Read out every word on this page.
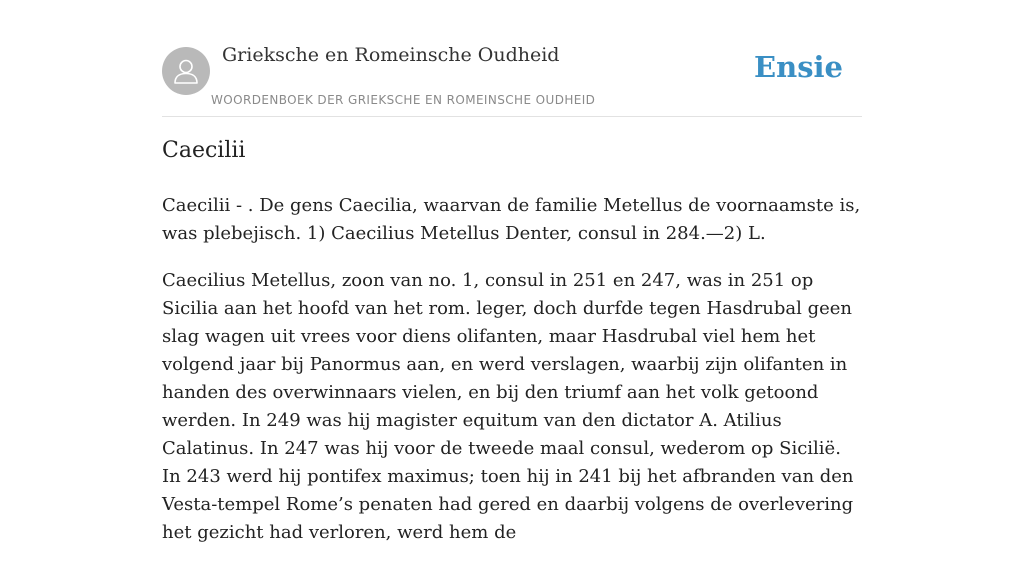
Grieksche en Romeinsche Oudheid
WOORDENBOEK DER GRIEKSCHE EN ROMEINSCHE OUDHEID
Ensie
Caecilii

Caecilii - . De gens Caecilia, waarvan de familie Metellus de voornaamste is, was plebejisch. 1) Caecilius Metellus Denter, consul in 284.—2) L.

Caecilius Metellus, zoon van no. 1, consul in 251 en 247, was in 251 op Sicilia aan het hoofd van het rom. leger, doch durfde tegen Hasdrubal geen slag wagen uit vrees voor diens olifanten, maar Hasdrubal viel hem het volgend jaar bij Panormus aan, en werd verslagen, waarbij zijn olifanten in handen des overwinnaars vielen, en bij den triumf aan het volk getoond werden. In 249 was hij magister equitum van den dictator A. Atilius Calatinus. In 247 was hij voor de tweede maal consul, wederom op Sicilië. In 243 werd hij pontifex maximus; toen hij in 241 bij het afbranden van den Vesta-tempel Rome’s penaten had gered en daarbij volgens de overlevering het gezicht had verloren, werd hem de
